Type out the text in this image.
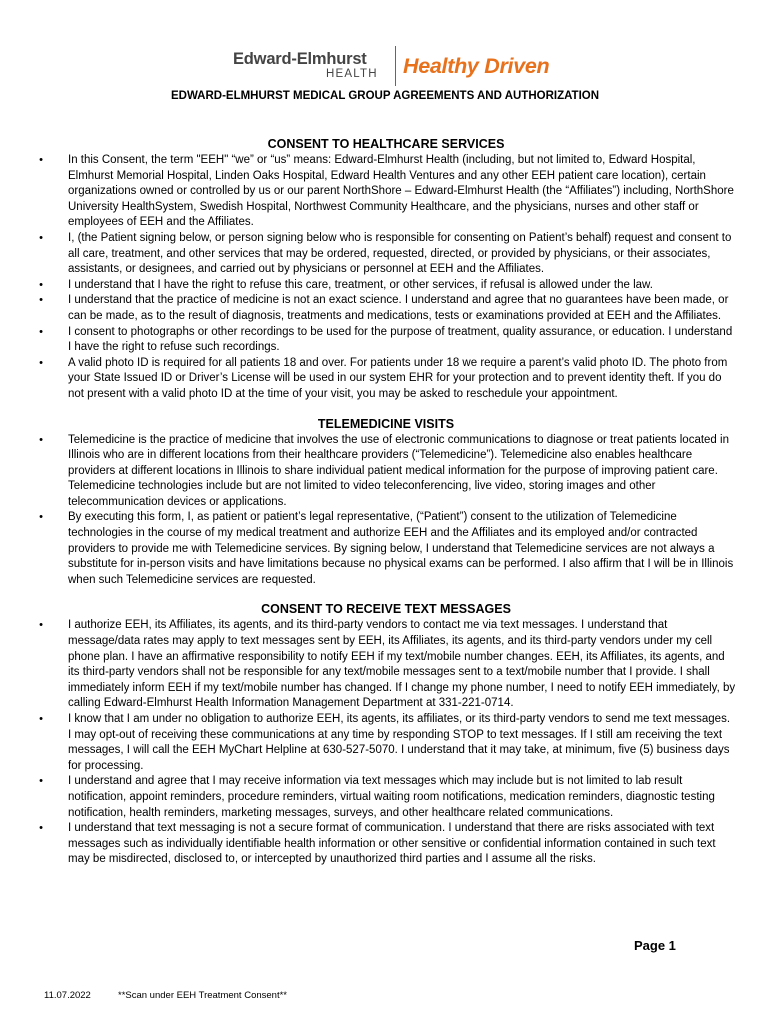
Edward-Elmhurst
HEALTH Healthy Driven
EDWARD-ELMHURST MEDICAL GROUP AGREEMENTS AND AUTHORIZATION
CONSENT TO HEALTHCARE SERVICES
• In this Consent, the term "EEH" “we” or “us” means: Edward-Elmhurst Health (including, but not limited to, Edward Hospital, Elmhurst Memorial Hospital, Linden Oaks Hospital, Edward Health Ventures and any other EEH patient care location), certain organizations owned or controlled by us or our parent NorthShore – Edward-Elmhurst Health (the “Affiliates”) including, NorthShore University HealthSystem, Swedish Hospital, Northwest Community Healthcare, and the physicians, nurses and other staff or employees of EEH and the Affiliates.
• I, (the Patient signing below, or person signing below who is responsible for consenting on Patient’s behalf) request and consent to all care, treatment, and other services that may be ordered, requested, directed, or provided by physicians, or their associates, assistants, or designees, and carried out by physicians or personnel at EEH and the Affiliates.
• I understand that I have the right to refuse this care, treatment, or other services, if refusal is allowed under the law.
• I understand that the practice of medicine is not an exact science. I understand and agree that no guarantees have been made, or can be made, as to the result of diagnosis, treatments and medications, tests or examinations provided at EEH and the Affiliates.
• I consent to photographs or other recordings to be used for the purpose of treatment, quality assurance, or education. I understand I have the right to refuse such recordings.
• A valid photo ID is required for all patients 18 and over. For patients under 18 we require a parent’s valid photo ID. The photo from your State Issued ID or Driver’s License will be used in our system EHR for your protection and to prevent identity theft. If you do not present with a valid photo ID at the time of your visit, you may be asked to reschedule your appointment.
TELEMEDICINE VISITS
• Telemedicine is the practice of medicine that involves the use of electronic communications to diagnose or treat patients located in Illinois who are in different locations from their healthcare providers (“Telemedicine”). Telemedicine also enables healthcare providers at different locations in Illinois to share individual patient medical information for the purpose of improving patient care. Telemedicine technologies include but are not limited to video teleconferencing, live video, storing images and other telecommunication devices or applications.
• By executing this form, I, as patient or patient’s legal representative, (“Patient”) consent to the utilization of Telemedicine technologies in the course of my medical treatment and authorize EEH and the Affiliates and its employed and/or contracted providers to provide me with Telemedicine services. By signing below, I understand that Telemedicine services are not always a substitute for in-person visits and have limitations because no physical exams can be performed. I also affirm that I will be in Illinois when such Telemedicine services are requested.
CONSENT TO RECEIVE TEXT MESSAGES
• I authorize EEH, its Affiliates, its agents, and its third-party vendors to contact me via text messages. I understand that message/data rates may apply to text messages sent by EEH, its Affiliates, its agents, and its third-party vendors under my cell phone plan. I have an affirmative responsibility to notify EEH if my text/mobile number changes. EEH, its Affiliates, its agents, and its third-party vendors shall not be responsible for any text/mobile messages sent to a text/mobile number that I provide. I shall immediately inform EEH if my text/mobile number has changed. If I change my phone number, I need to notify EEH immediately, by calling Edward-Elmhurst Health Information Management Department at 331-221-0714.
• I know that I am under no obligation to authorize EEH, its agents, its affiliates, or its third-party vendors to send me text messages. I may opt-out of receiving these communications at any time by responding STOP to text messages. If I still am receiving the text messages, I will call the EEH MyChart Helpline at 630-527-5070. I understand that it may take, at minimum, five (5) business days for processing.
• I understand and agree that I may receive information via text messages which may include but is not limited to lab result notification, appoint reminders, procedure reminders, virtual waiting room notifications, medication reminders, diagnostic testing notification, health reminders, marketing messages, surveys, and other healthcare related communications.
• I understand that text messaging is not a secure format of communication. I understand that there are risks associated with text messages such as individually identifiable health information or other sensitive or confidential information contained in such text may be misdirected, disclosed to, or intercepted by unauthorized third parties and I assume all the risks.
Page 1
11.07.2022	**Scan under EEH Treatment Consent**
